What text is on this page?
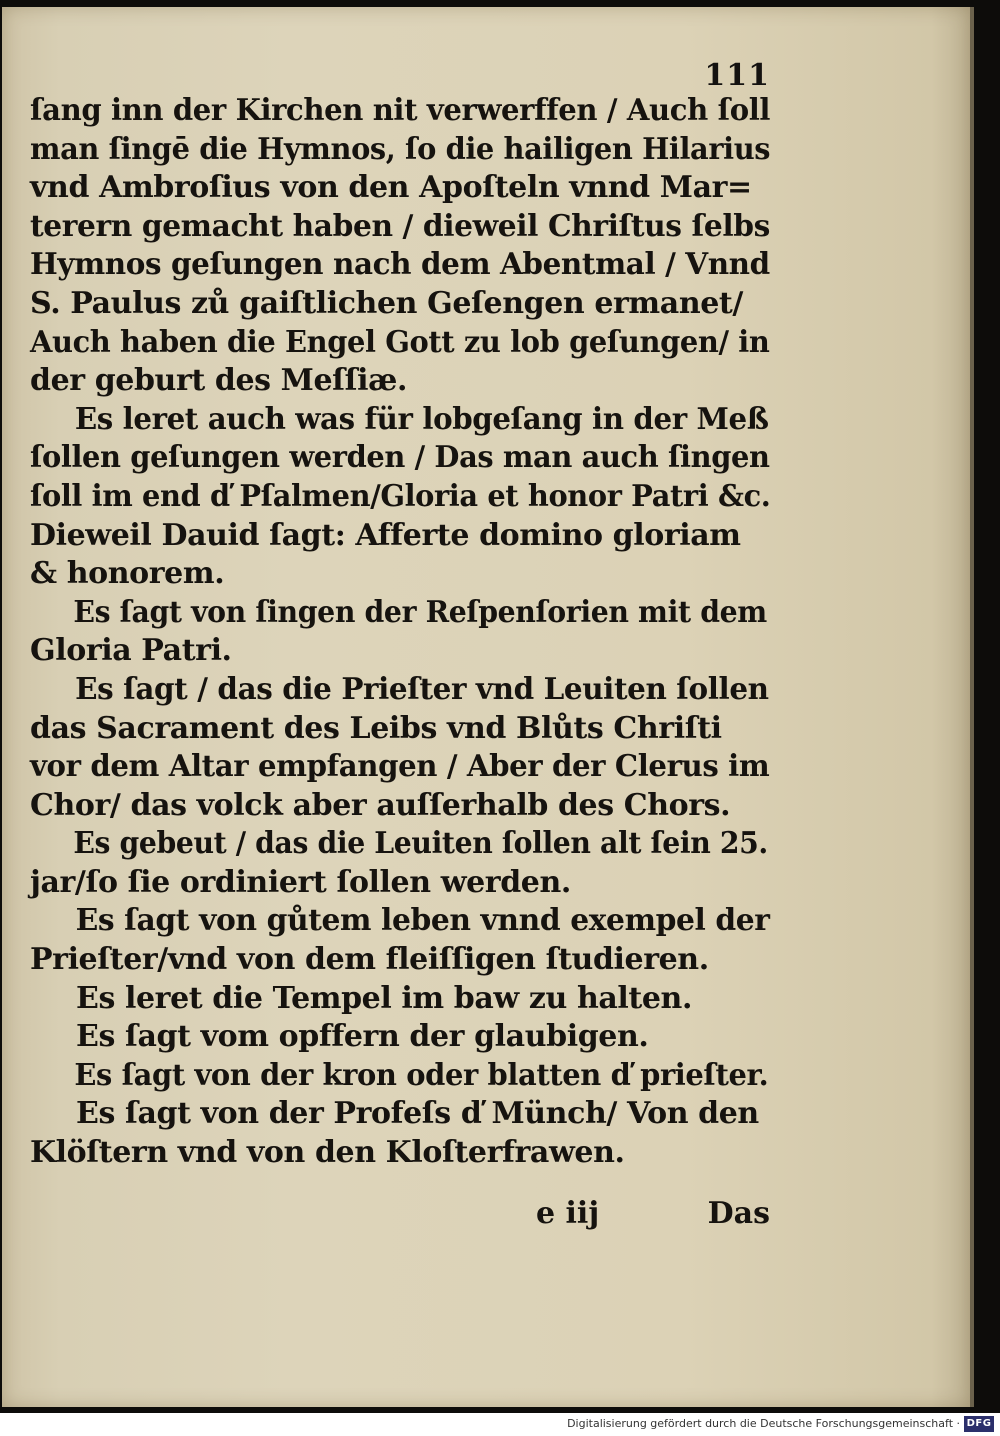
111
ſang inn der Kirchen nit verwerffen / Auch ſoll
man ſingē die Hymnos, ſo die hailigen Hilarius
vnd Ambroſius von den Apoſteln vnnd Mar=
terern gemacht haben / dieweil Chriſtus ſelbs
Hymnos geſungen nach dem Abentmal / Vnnd
S. Paulus zů gaiſtlichen Geſengen ermanet/
Auch haben die Engel Gott zu lob geſungen/ in
der geburt des Meſſiæ.
Es leret auch was für lobgeſang in der Meß
ſollen geſungen werden / Das man auch ſingen
ſoll im end ď Pſalmen/Gloria et honor Patri &c.
Dieweil Dauid ſagt: Afferte domino gloriam
& honorem.
Es ſagt von ſingen der Reſpenſorien mit dem
Gloria Patri.
Es ſagt / das die Prieſter vnd Leuiten ſollen
das Sacrament des Leibs vnd Blůts Chriſti
vor dem Altar empfangen / Aber der Clerus im
Chor/ das volck aber auſſerhalb des Chors.
Es gebeut / das die Leuiten ſollen alt ſein 25.
jar/ſo ſie ordiniert ſollen werden.
Es ſagt von gůtem leben vnnd exempel der
Prieſter/vnd von dem fleiſſigen ſtudieren.
Es leret die Tempel im baw zu halten.
Es ſagt vom opffern der glaubigen.
Es ſagt von der kron oder blatten ď prieſter.
Es ſagt von der Profeſs ď Münch/ Von den
Klöſtern vnd von den Kloſterfrawen.
e iij	Das
Digitalisierung gefördert durch die Deutsche Forschungsgemeinschaft · DFG
